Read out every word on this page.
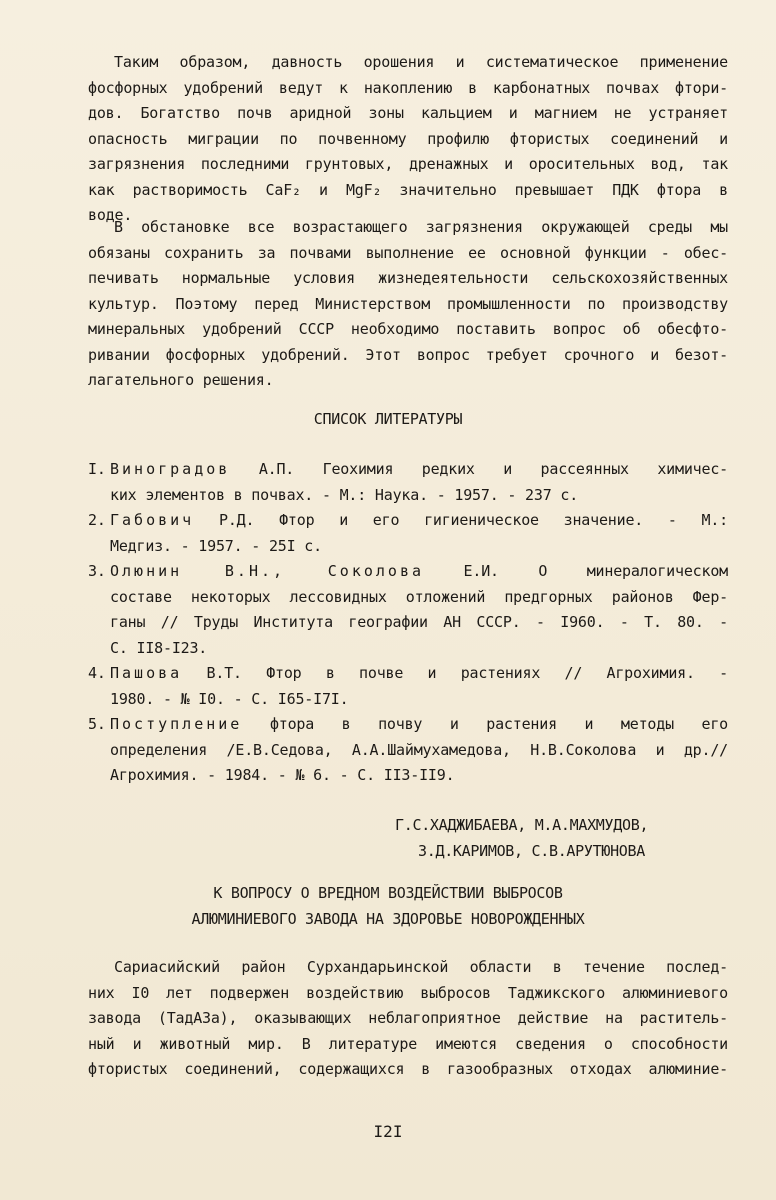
Таким образом, давность орошения и систематическое применение
фосфорных удобрений ведут к накоплению в карбонатных почвах фтори-
дов. Богатство почв аридной зоны кальцием и магнием не устраняет
опасность миграции по почвенному профилю фтористых соединений и
загрязнения последними грунтовых, дренажных и оросительных вод, так
как растворимость CaF₂ и MgF₂ значительно превышает ПДК фтора в
воде.
В обстановке все возрастающего загрязнения окружающей среды мы
обязаны сохранить за почвами выполнение ее основной функции - обес-
печивать нормальные условия жизнедеятельности сельскохозяйственных
культур. Поэтому перед Министерством промышленности по производству
минеральных удобрений СССР необходимо поставить вопрос об обесфто-
ривании фосфорных удобрений. Этот вопрос требует срочного и безот-
лагательного решения.
СПИСОК ЛИТЕРАТУРЫ
I. Виноградов А.П. Геохимия редких и рассеянных химичес-
ких элементов в почвах. - М.: Наука. - 1957. - 237 с.
2. Габович Р.Д. Фтор и его гигиеническое значение. - М.:
Медгиз. - 1957. - 25I с.
3. Олюнин В.Н., Соколова	Е.И. О минералогическом
составе некоторых лессовидных отложений предгорных районов Фер-
ганы // Труды Института географии АН СССР. - I960. - Т. 80. -
С. II8-I23.
4. Пашова В.Т. Фтор в почве и растениях // Агрохимия. -
1980. - № I0. - С. I65-I7I.
5. Поступление фтора в почву и растения и методы его
определения /Е.В.Седова, А.А.Шаймухамедова, Н.В.Соколова и др.//
Агрохимия. - 1984. - № 6. - С. II3-II9.
Г.С.ХАДЖИБАЕВА, М.А.МАХМУДОВ,
З.Д.КАРИМОВ, С.В.АРУТЮНОВА
К ВОПРОСУ О ВРЕДНОМ ВОЗДЕЙСТВИИ ВЫБРОСОВ
АЛЮМИНИЕВОГО ЗАВОДА НА ЗДОРОВЬЕ НОВОРОЖДЕННЫХ
Сариасийский район Сурхандарьинской области в течение послед-
них I0 лет подвержен воздействию выбросов Таджикского алюминиевого
завода (ТадАЗа), оказывающих неблагоприятное действие на раститель-
ный и животный мир. В литературе имеются сведения о способности
фтористых соединений, содержащихся в газообразных отходах алюминие-
I2I
